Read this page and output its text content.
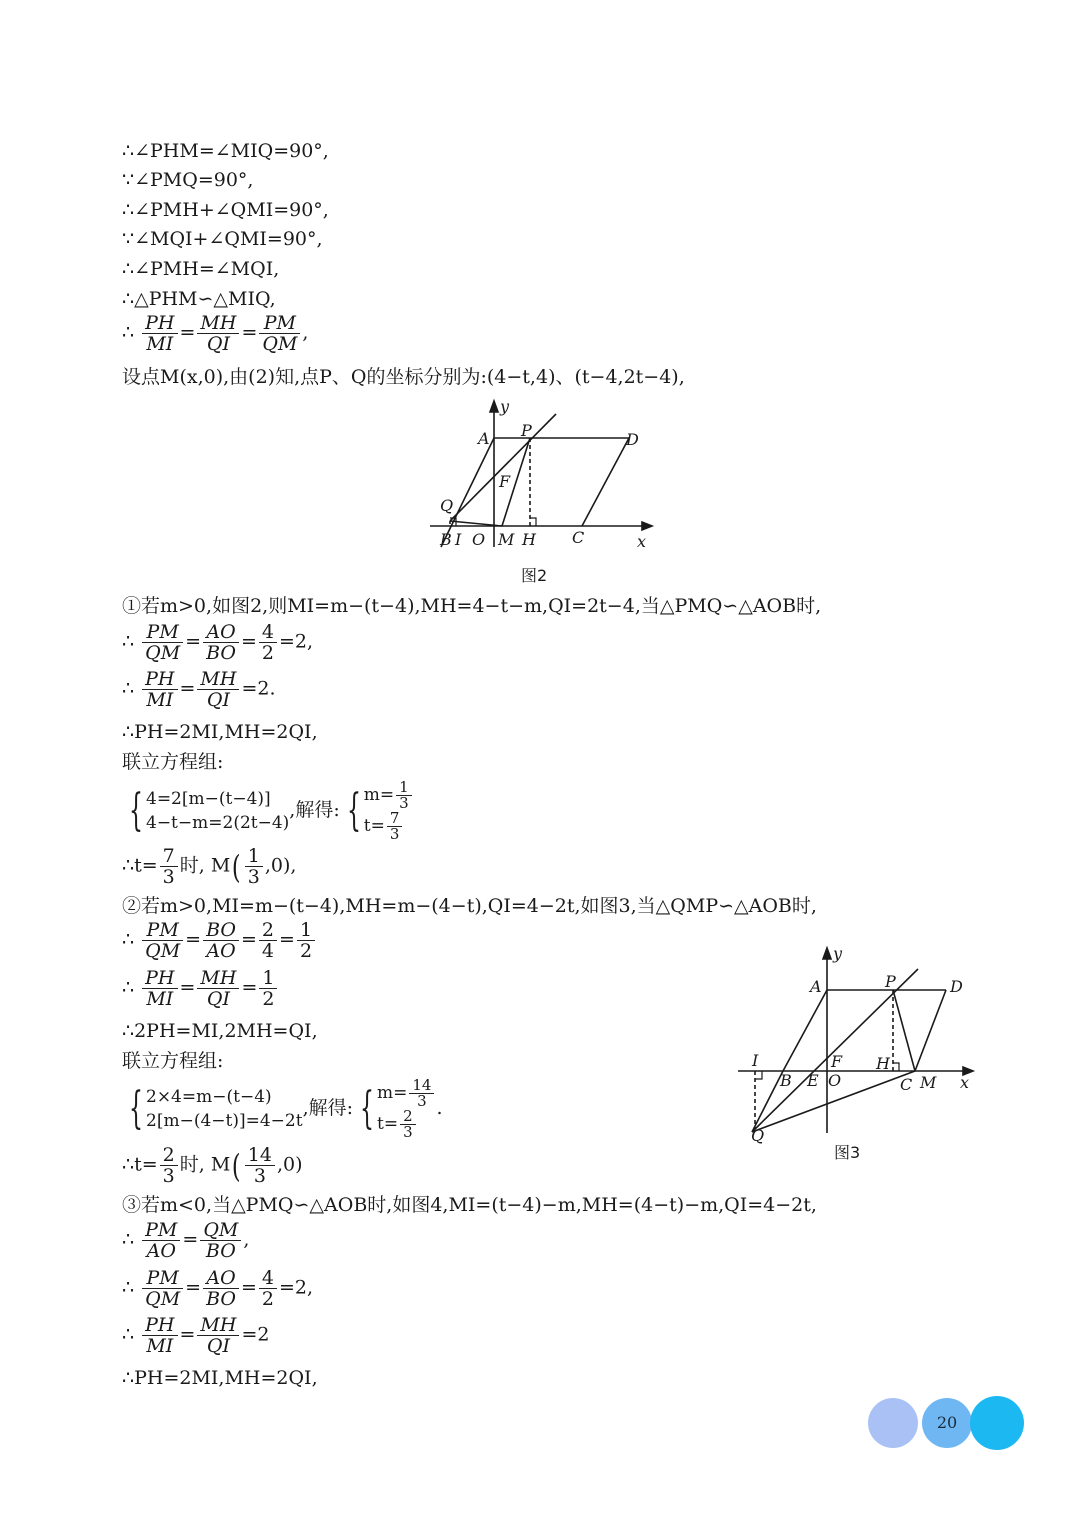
∴∠PHM=∠MIQ=90°,
∵∠PMQ=90°,
∴∠PMH+∠QMI=90°,
∵∠MQI+∠QMI=90°,
∴∠PMH=∠MQI,
∴△PHM∽△MIQ,
∴ $\frac{PH}{MI} = \frac{MH}{QI} = \frac{PM}{QM}$ ,
设点M(x,0),由(2)知,点P、Q的坐标分别为:(4−t,4)、(t−4,2t−4),
y
A P	D
F
Q
B I O M H C	x
图2
①若m>0,如图2,则MI=m−(t−4),MH=4−t−m,QI=2t−4,当△PMQ∽△AOB时,
∴ $\frac{PM}{QM} = \frac{AO}{BO} = \frac{4}{2} =2$,
∴ $\frac{PH}{MI} = \frac{MH}{QI} =2$.
∴PH=2MI,MH=2QI,
联立方程组:
{ 4=2[m−(t−4)]
4−t−m=2(2t−4)
,解得: { $m= \frac{1}{3}$
$t= \frac{7}{3}$
∴t= $\frac{7}{3}$ 时, $M( \frac{1}{3} ,0)$,
②若m>0,MI=m−(t−4),MH=m−(4−t),QI=4−2t,如图3,当△QMP∽△AOB时,
∴ $\frac{PM}{QM} = \frac{BO}{AO} = \frac{2}{4} = \frac{1}{2}$
∴ $\frac{PH}{MI} = \frac{MH}{QI} = \frac{1}{2}$
∴2PH=MI,2MH=QI,
联立方程组:
{ 2×4=m−(t−4)
2[m−(4−t)]=4−2t
,解得: { $m= \frac{14}{3}$
$t= \frac{2}{3}$
.
∴t= $\frac{2}{3}$ 时, $M( \frac{14}{3} ,0)$
y
A	P	D
I	F H
B E O	C M x
Q
图3
③若m<0,当△PMQ∽△AOB时,如图4,MI=(t−4)−m,MH=(4−t)−m,QI=4−2t,
∴ $\frac{PM}{AO} = \frac{QM}{BO}$ ,
∴ $\frac{PM}{QM} = \frac{AO}{BO} = \frac{4}{2} =2$,
∴ $\frac{PH}{MI} = \frac{MH}{QI} =2$
∴PH=2MI,MH=2QI,
20
